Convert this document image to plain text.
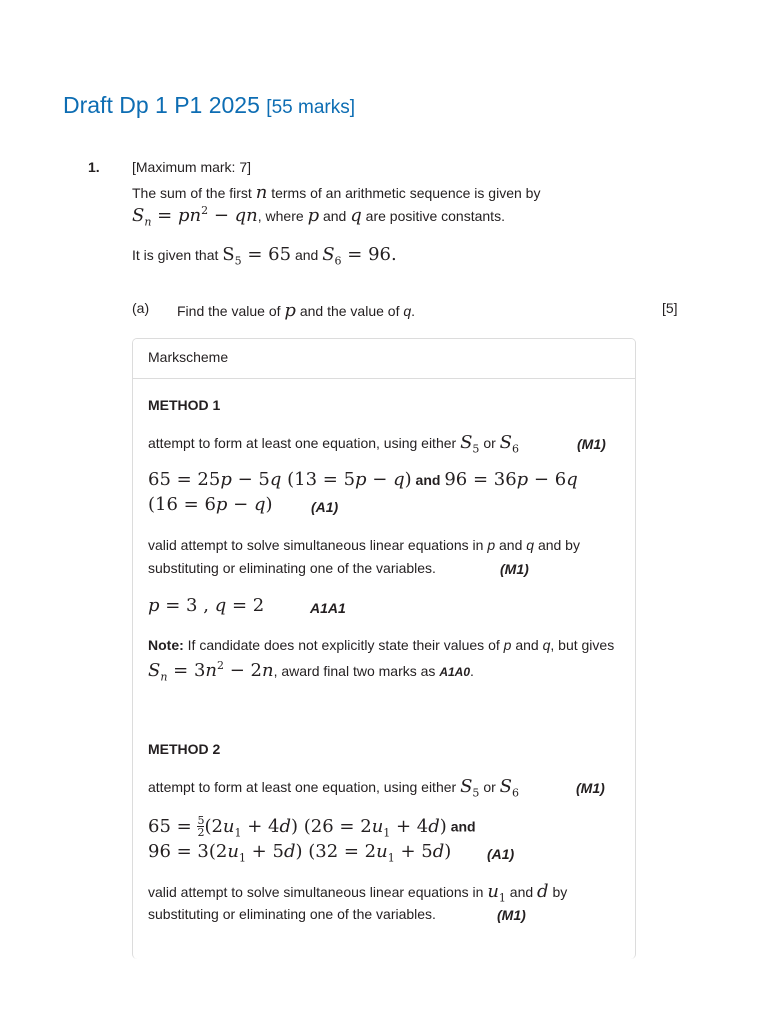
Draft Dp 1 P1 2025 [55 marks]
1. [Maximum mark: 7]
The sum of the first n terms of an arithmetic sequence is given by
$S_n = pn^2$ − qn, where p and q are positive constants.
It is given that $S_5 = 65$ and $S_6 = 96$.
(a) Find the value of p and the value of q.	[5]
Markscheme
METHOD 1
attempt to form at least one equation, using either $S_5$ or $S_6$	(M1)
65 = 25p − 5q (13 = 5p − q) and 96 = 36p − 6q
(16 = 6p − q)	(A1)
valid attempt to solve simultaneous linear equations in p and q and by
substituting or eliminating one of the variables.	(M1)
p = 3 , q = 2	A1A1
Note: If candidate does not explicitly state their values of p and q, but gives
$S_n = 3n^2 - 2n$, award final two marks as A1A0.
METHOD 2
attempt to form at least one equation, using either $S_5$ or $S_6$	(M1)
$65 = \frac{5}{2} (2u_1 + 4d) (26 = 2u_1 + 4d)$ and
$96 = 3(2u_1 + 5d) (32 = 2u_1 + 5d)$	(A1)
valid attempt to solve simultaneous linear equations in $u_1$ and d by
substituting or eliminating one of the variables.	(M1)
